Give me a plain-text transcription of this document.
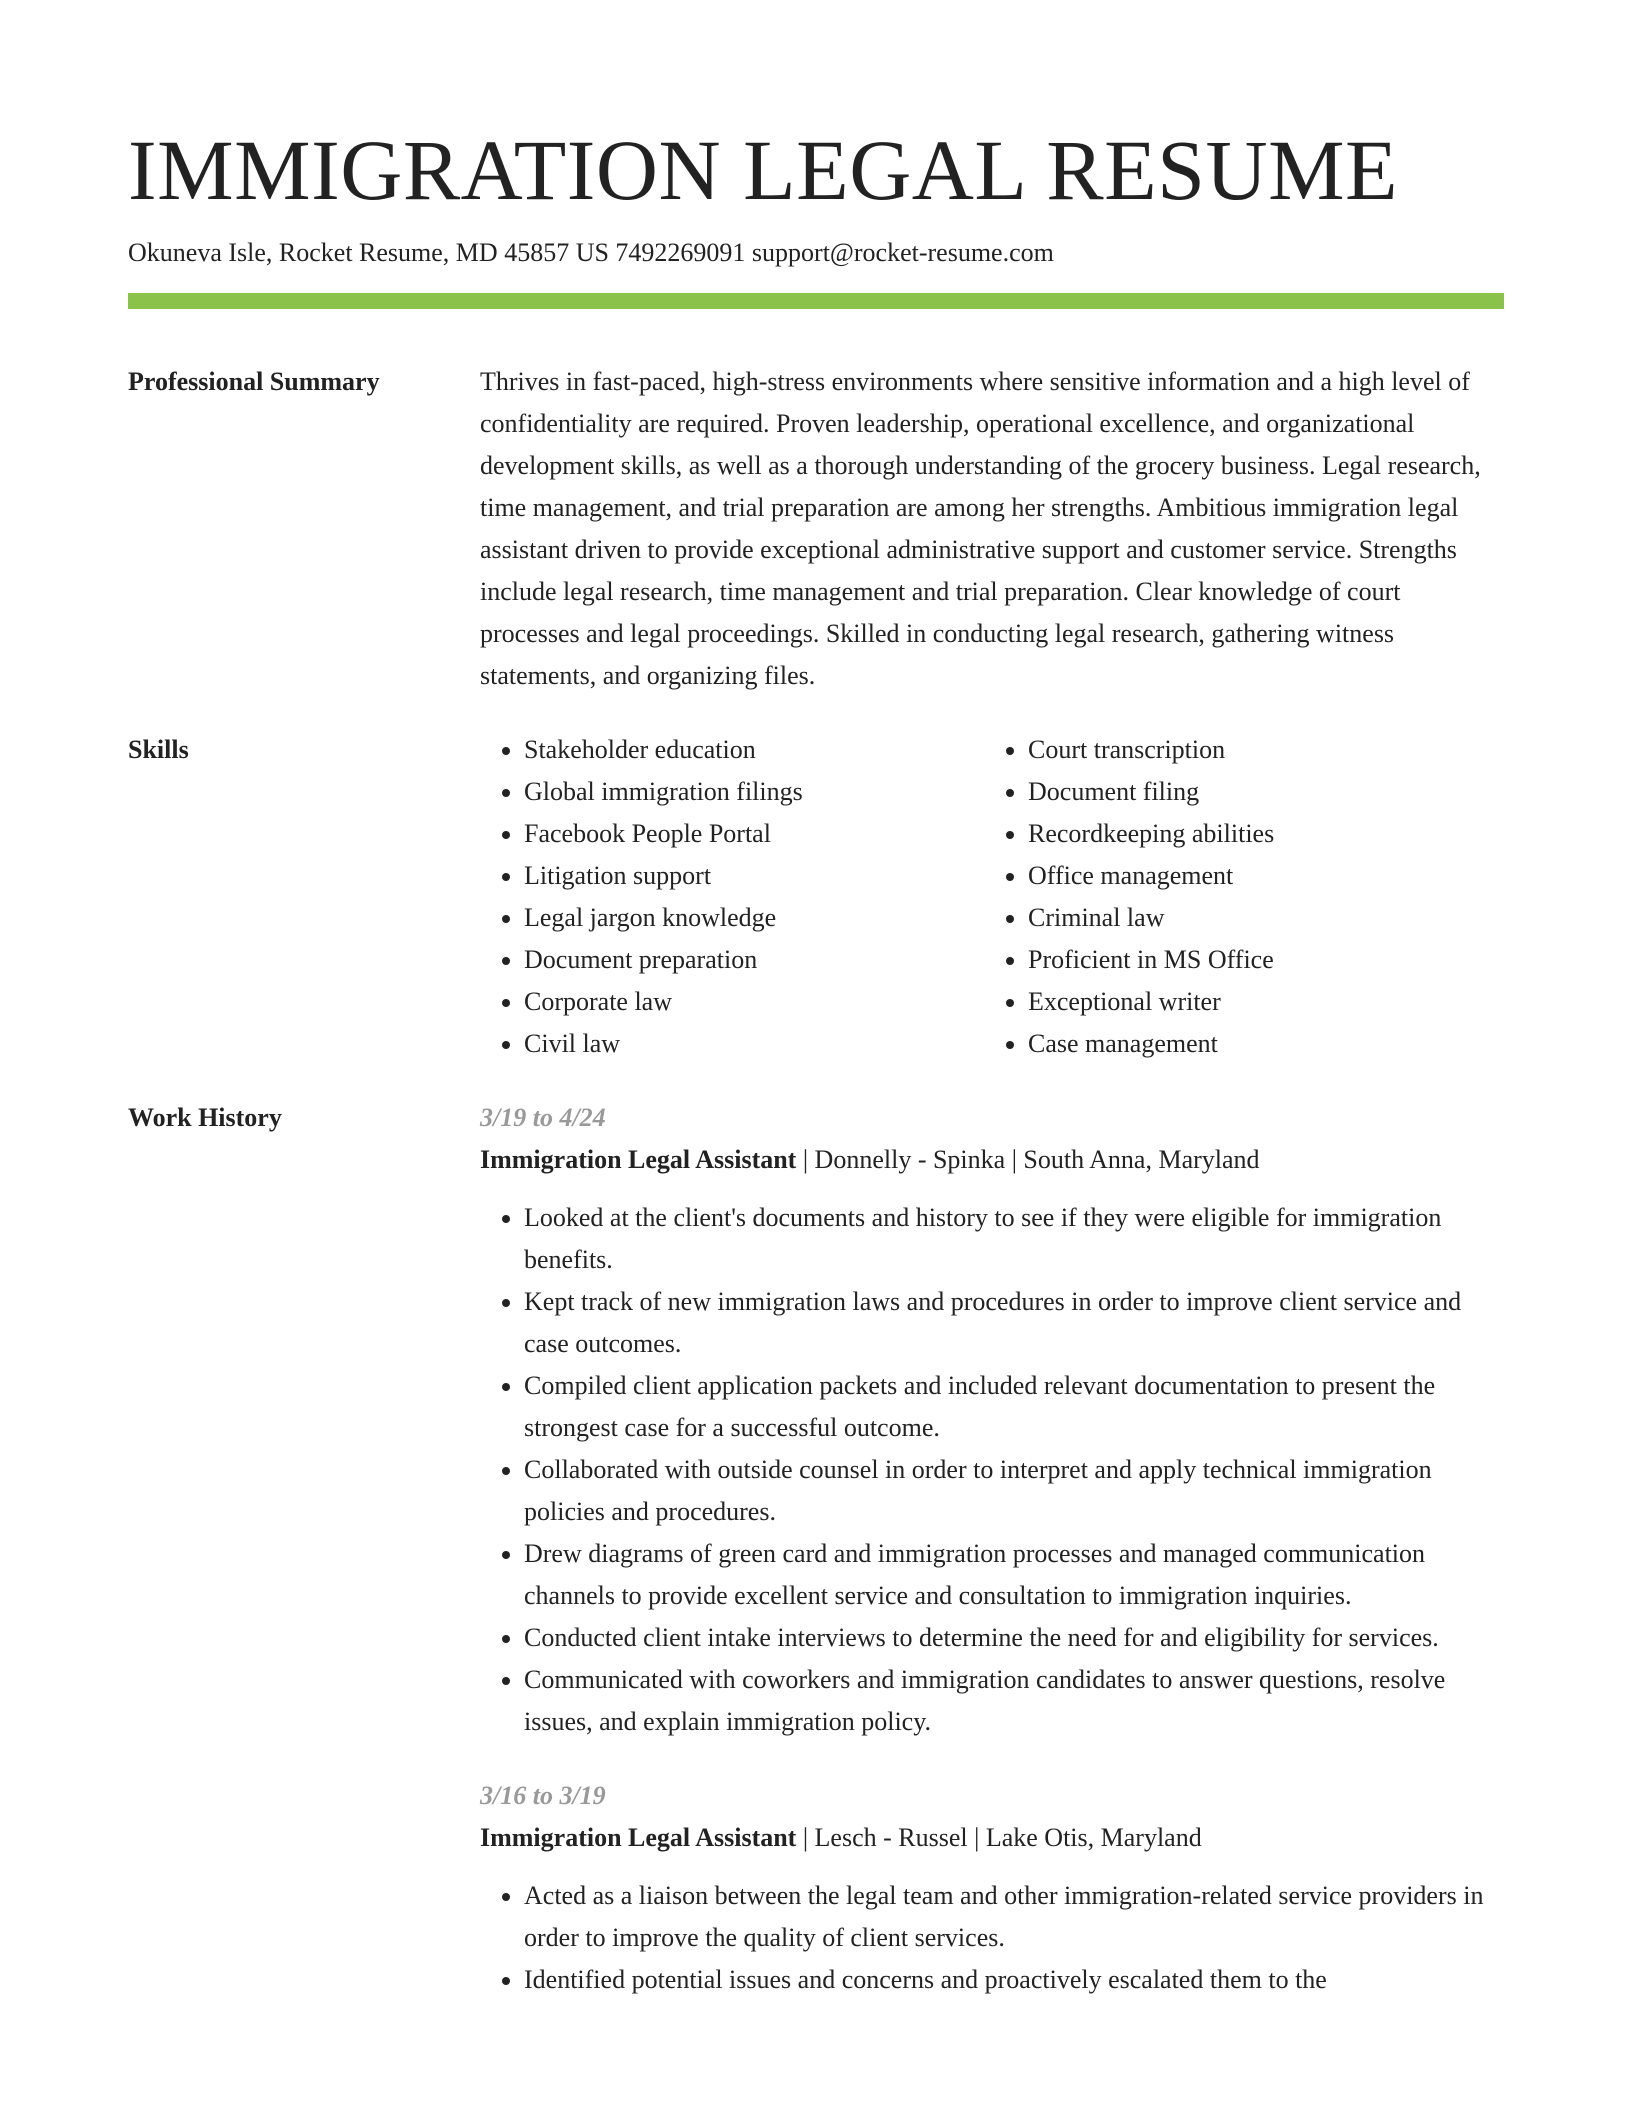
IMMIGRATION LEGAL RESUME
Okuneva Isle, Rocket Resume, MD 45857 US 7492269091 support@rocket-resume.com
Professional Summary	Thrives in fast-paced, high-stress environments where sensitive information and a high level of confidentiality are required. Proven leadership, operational excellence, and organizational development skills, as well as a thorough understanding of the grocery business. Legal research, time management, and trial preparation are among her strengths. Ambitious immigration legal assistant driven to provide exceptional administrative support and customer service. Strengths include legal research, time management and trial preparation. Clear knowledge of court processes and legal proceedings. Skilled in conducting legal research, gathering witness statements, and organizing files.

Skills
•	Stakeholder education
• Global immigration filings
• Facebook People Portal
• Litigation support
• Legal jargon knowledge
• Document preparation
• Corporate law
• Civil law
• Court transcription
• Document filing
• Recordkeeping abilities
• Office management
• Criminal law
• Proficient in MS Office
• Exceptional writer
• Case management
Work History	3/19 to 4/24
Immigration Legal Assistant | Donnelly - Spinka | South Anna, Maryland
• Looked at the client's documents and history to see if they were eligible for immigration benefits.
• Kept track of new immigration laws and procedures in order to improve client service and case outcomes.
• Compiled client application packets and included relevant documentation to present the strongest case for a successful outcome.
• Collaborated with outside counsel in order to interpret and apply technical immigration policies and procedures.
• Drew diagrams of green card and immigration processes and managed communication channels to provide excellent service and consultation to immigration inquiries.
• Conducted client intake interviews to determine the need for and eligibility for services.
• Communicated with coworkers and immigration candidates to answer questions, resolve issues, and explain immigration policy.
3/16 to 3/19
Immigration Legal Assistant | Lesch - Russel | Lake Otis, Maryland
• Acted as a liaison between the legal team and other immigration-related service providers in order to improve the quality of client services.
• Identified potential issues and concerns and proactively escalated them to the
